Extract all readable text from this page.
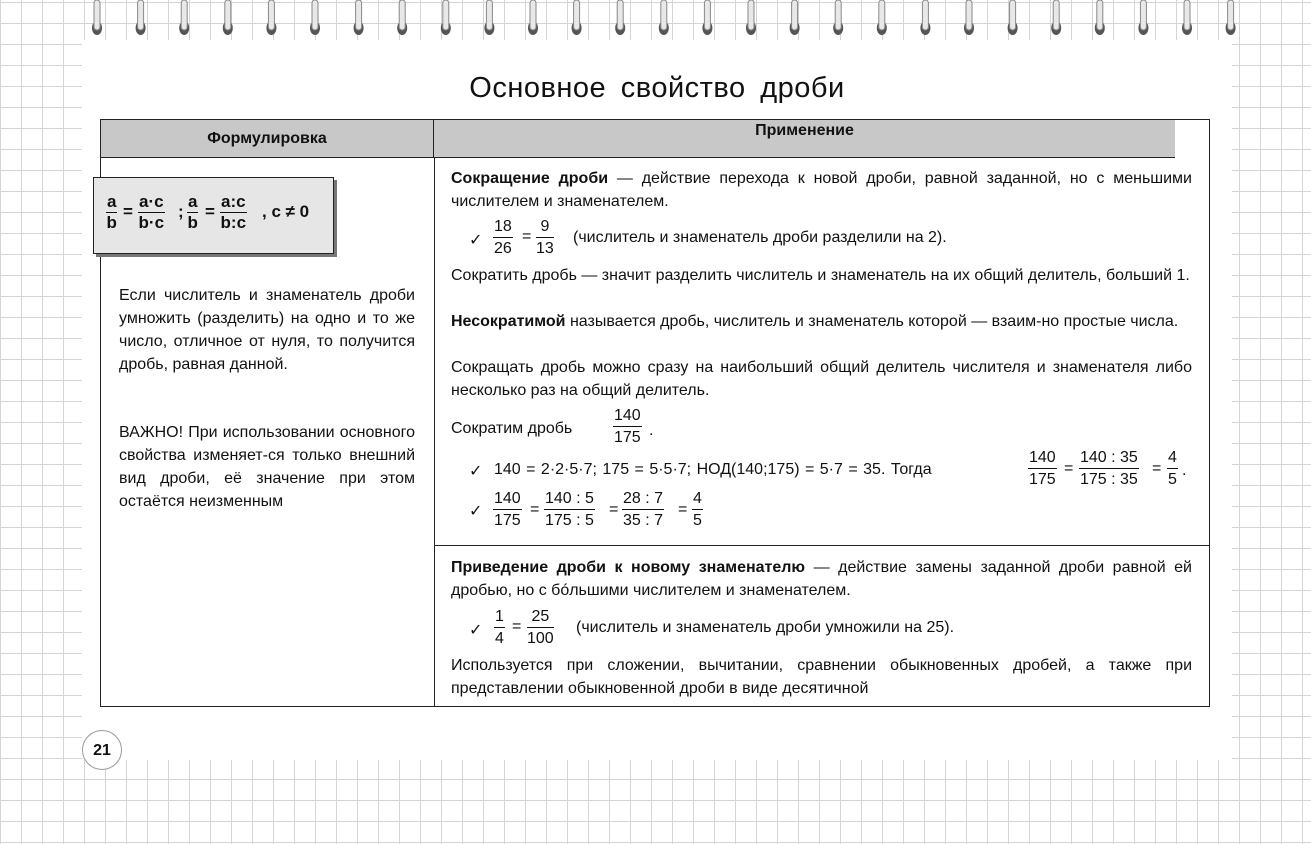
Основное свойство дроби
Формулировка	Применение
$\frac{a}{b} = \frac{a\cdot c}{b\cdot c}$ ; $\frac{a}{b} = \frac{a:c}{b:c}$ , c ≠ 0
Если числитель и знаменатель дроби умножить (разделить) на одно и то же число, отличное от нуля, то получится дробь, равная данной.
ВАЖНО! При использовании основного свойства изменяет-ся только внешний вид дроби, её значение при этом остаётся неизменным

Сокращение дроби — действие перехода к новой дроби, равной заданной, но с меньшими числителем и знаменателем.

✓
18
26
=
9
13
(числитель и знаменатель дроби разделили на 2).

Сократить дробь — значит разделить числитель и знаменатель на их общий делитель, больший 1.

Несократимой называется дробь, числитель и знаменатель которой — взаим-но простые числа.

Сокращать дробь можно сразу на наибольший общий делитель числителя и знаменателя либо несколько раз на общий делитель.

Сократим дробь
140
175 .
✓ 140 = 2·2·5·7; 175 = 5·5·7; НОД(140;175) = 5·7 = 35. Тогда
140
175
=
140 : 35
175 : 35
=
4
5
.
✓
140
175
=
140 : 5
175 : 5
=
28 : 7
35 : 7
=
4
5

Приведение дроби к новому знаменателю — действие замены заданной дроби равной ей дробью, но с бóльшими числителем и знаменателем.

✓
1
4
=
25
100
(числитель и знаменатель дроби умножили на 25).

Используется при сложении, вычитании, сравнении обыкновенных дробей, а также при представлении обыкновенной дроби в виде десятичной

21
